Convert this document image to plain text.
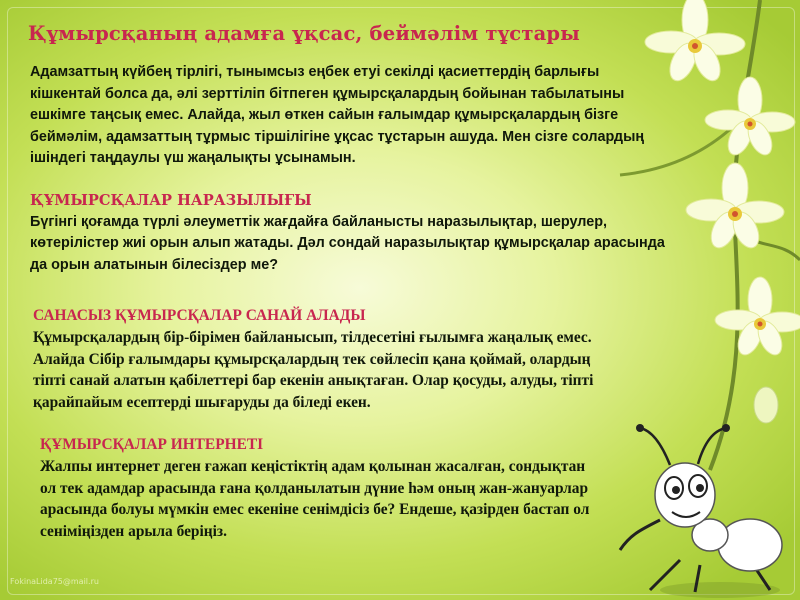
Құмырсқаның адамға ұқсас, беймәлім тұстары
Адамзаттың күйбең тірлігі, тынымсыз еңбек етуі секілді қасиеттердің барлығы
кішкентай болса да, әлі зерттіліп бітпеген құмырсқалардың бойынан табылатыны
ешкімге таңсық емес. Алайда, жыл өткен сайын ғалымдар құмырсқалардың бізге
беймәлім, адамзаттың тұрмыс тіршілігіне ұқсас тұстарын ашуда. Мен сізге солардың
ішіндегі таңдаулы үш жаңалықты ұсынамын.
ҚҰМЫРСҚАЛАР НАРАЗЫЛЫҒЫ
Бүгінгі қоғамда түрлі әлеуметтік жағдайға байланысты наразылықтар, шерулер,
көтерілістер жиі орын алып жатады. Дәл сондай наразылықтар құмырсқалар арасында
да орын алатынын білесіздер ме?
САНАСЫЗ ҚҰМЫРСҚАЛАР САНАЙ АЛАДЫ
Құмырсқалардың бір-бірімен байланысып, тілдесетіні ғылымға жаңалық емес.
Алайда Сібір ғалымдары құмырсқалардың тек сөйлесіп қана қоймай, олардың
тіпті санай алатын қабілеттері бар екенін анықтаған. Олар қосуды, алуды, тіпті
қарайпайым есептерді шығаруды да біледі екен.
ҚҰМЫРСҚАЛАР ИНТЕРНЕТІ
Жалпы интернет деген ғажап кеңістіктің адам қолынан жасалған, сондықтан
ол тек адамдар арасында ғана қолданылатын дүние һәм оның жан-жануарлар
арасында болуы мүмкін емес екеніне сенімдісіз бе? Ендеше, қазірден бастап ол
сеніміңізден арыла беріңіз.
FokinaLida75@mail.ru
